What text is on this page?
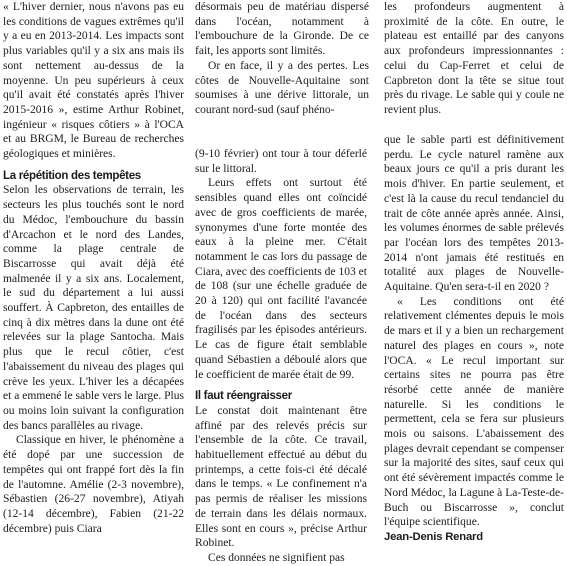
« L'hiver dernier, nous n'avons pas eu les conditions de vagues extrêmes qu'il y a eu en 2013-2014. Les impacts sont plus variables qu'il y a six ans mais ils sont nettement au-dessus de la moyenne. Un peu supérieurs à ceux qu'il avait été constatés après l'hiver 2015-2016 », estime Arthur Robinet, ingénieur « risques côtiers » à l'OCA et au BRGM, le Bureau de recherches géologiques et minières.

La répétition des tempêtes

Selon les observations de terrain, les secteurs les plus touchés sont le nord du Médoc, l'embouchure du bassin d'Arcachon et le nord des Landes, comme la plage centrale de Biscarrosse qui avait déjà été malmenée il y a six ans. Localement, le sud du département a lui aussi souffert. À Capbreton, des entailles de cinq à dix mètres dans la dune ont été relevées sur la plage Santocha. Mais plus que le recul côtier, c'est l'abaissement du niveau des plages qui crève les yeux. L'hiver les a décapées et a emmené le sable vers le large. Plus ou moins loin suivant la configuration des bancs parallèles au rivage.

Classique en hiver, le phénomène a été dopé par une succession de tempêtes qui ont frappé fort dès la fin de l'automne. Amélie (2-3 novembre), Sébastien (26-27 novembre), Atiyah (12-14 décembre), Fabien (21-22 décembre) puis Ciara

désormais peu de matériau dispersé dans l'océan, notamment à l'embouchure de la Gironde. De ce fait, les apports sont limités.

Or en face, il y a des pertes. Les côtes de Nouvelle-Aquitaine sont soumises à une dérive littorale, un courant nord-sud (sauf phéno-

les profondeurs augmentent à proximité de la côte. En outre, le plateau est entaillé par des canyons aux profondeurs impressionnantes : celui du Cap-Ferret et celui de Capbreton dont la tête se situe tout près du rivage. Le sable qui y coule ne revient plus.

(9-10 février) ont tour à tour déferlé sur le littoral.

Leurs effets ont surtout été sensibles quand elles ont coïncidé avec de gros coefficients de marée, synonymes d'une forte montée des eaux à la pleine mer. C'était notamment le cas lors du passage de Ciara, avec des coefficients de 103 et de 108 (sur une échelle graduée de 20 à 120) qui ont facilité l'avancée de l'océan dans des secteurs fragilisés par les épisodes antérieurs. Le cas de figure était semblable quand Sébastien a déboulé alors que le coefficient de marée était de 99.

Il faut réengraisser

Le constat doit maintenant être affiné par des relevés précis sur l'ensemble de la côte. Ce travail, habituellement effectué au début du printemps, a cette fois-ci été décalé dans le temps. « Le confinement n'a pas permis de réaliser les missions de terrain dans les délais normaux. Elles sont en cours », précise Arthur Robinet.

Ces données ne signifient pas

que le sable parti est définitivement perdu. Le cycle naturel ramène aux beaux jours ce qu'il a pris durant les mois d'hiver. En partie seulement, et c'est là la cause du recul tendanciel du trait de côte année après année. Ainsi, les volumes énormes de sable prélevés par l'océan lors des tempêtes 2013-2014 n'ont jamais été restitués en totalité aux plages de Nouvelle-Aquitaine. Qu'en sera-t-il en 2020 ?

« Les conditions ont été relativement clémentes depuis le mois de mars et il y a bien un rechargement naturel des plages en cours », note l'OCA. « Le recul important sur certains sites ne pourra pas être résorbé cette année de manière naturelle. Si les conditions le permettent, cela se fera sur plusieurs mois ou saisons. L'abaissement des plages devrait cependant se compenser sur la majorité des sites, sauf ceux qui ont été sévèrement impactés comme le Nord Médoc, la Lagune à La-Teste-de-Buch ou Biscarrosse », conclut l'équipe scientifique.

Jean-Denis Renard
